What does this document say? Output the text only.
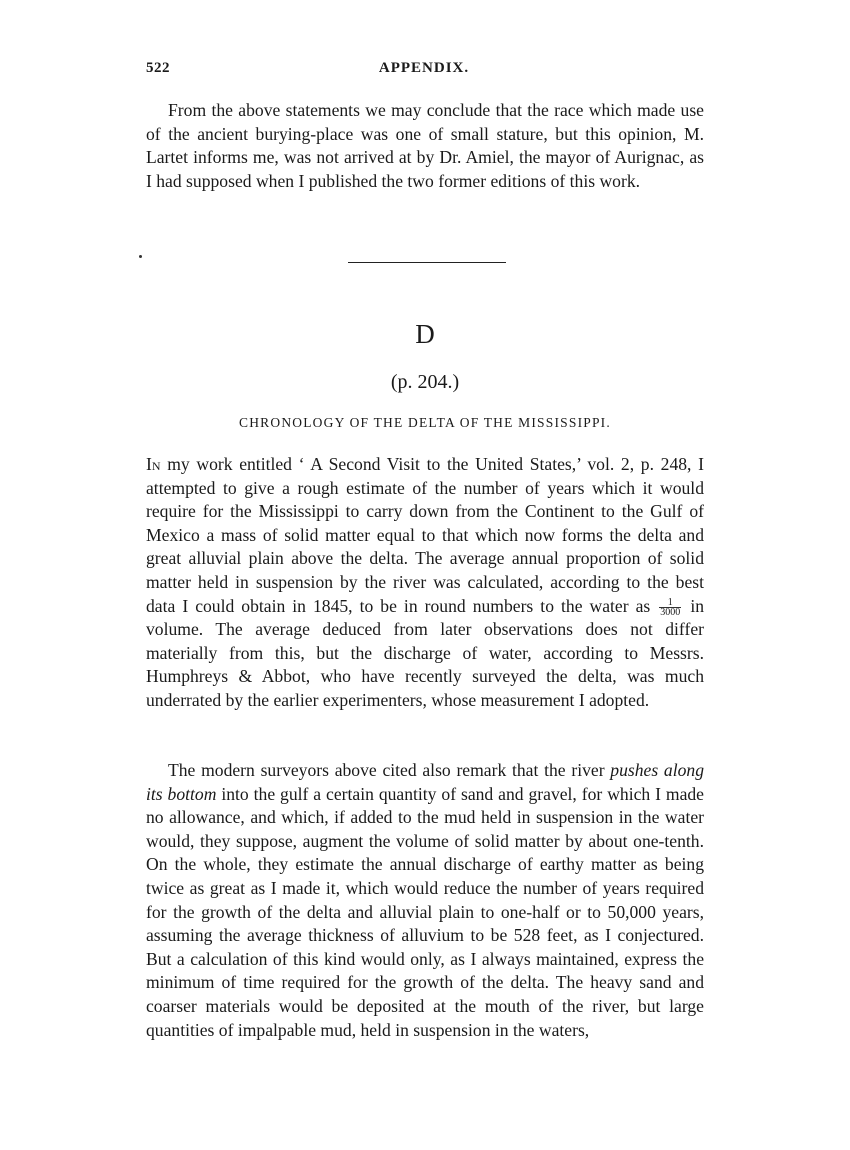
522	APPENDIX.

From the above statements we may conclude that the race which made use of the ancient burying-place was one of small stature, but this opinion, M. Lartet informs me, was not arrived at by Dr. Amiel, the mayor of Aurignac, as I had supposed when I published the two former editions of this work.

D
(p. 204.)
CHRONOLOGY OF THE DELTA OF THE MISSISSIPPI.

In my work entitled ‘ A Second Visit to the United States,’ vol. 2, p. 248, I attempted to give a rough estimate of the number of years which it would require for the Mississippi to carry down from the Continent to the Gulf of Mexico a mass of solid matter equal to that which now forms the delta and great alluvial plain above the delta. The average annual proportion of solid matter held in suspension by the river was calculated, according to the best data I could obtain in 1845, to be in round numbers to the water as $\frac{1}{3000}$ in volume. The average deduced from later observations does not differ materially from this, but the discharge of water, according to Messrs. Humphreys & Abbot, who have recently surveyed the delta, was much underrated by the earlier experimenters, whose measurement I adopted.

The modern surveyors above cited also remark that the river pushes along its bottom into the gulf a certain quantity of sand and gravel, for which I made no allowance, and which, if added to the mud held in suspension in the water would, they suppose, augment the volume of solid matter by about one-tenth. On the whole, they estimate the annual discharge of earthy matter as being twice as great as I made it, which would reduce the number of years required for the growth of the delta and alluvial plain to one-half or to 50,000 years, assuming the average thickness of alluvium to be 528 feet, as I conjectured. But a calculation of this kind would only, as I always maintained, express the minimum of time required for the growth of the delta. The heavy sand and coarser materials would be deposited at the mouth of the river, but large quantities of impalpable mud, held in suspension in the waters,
